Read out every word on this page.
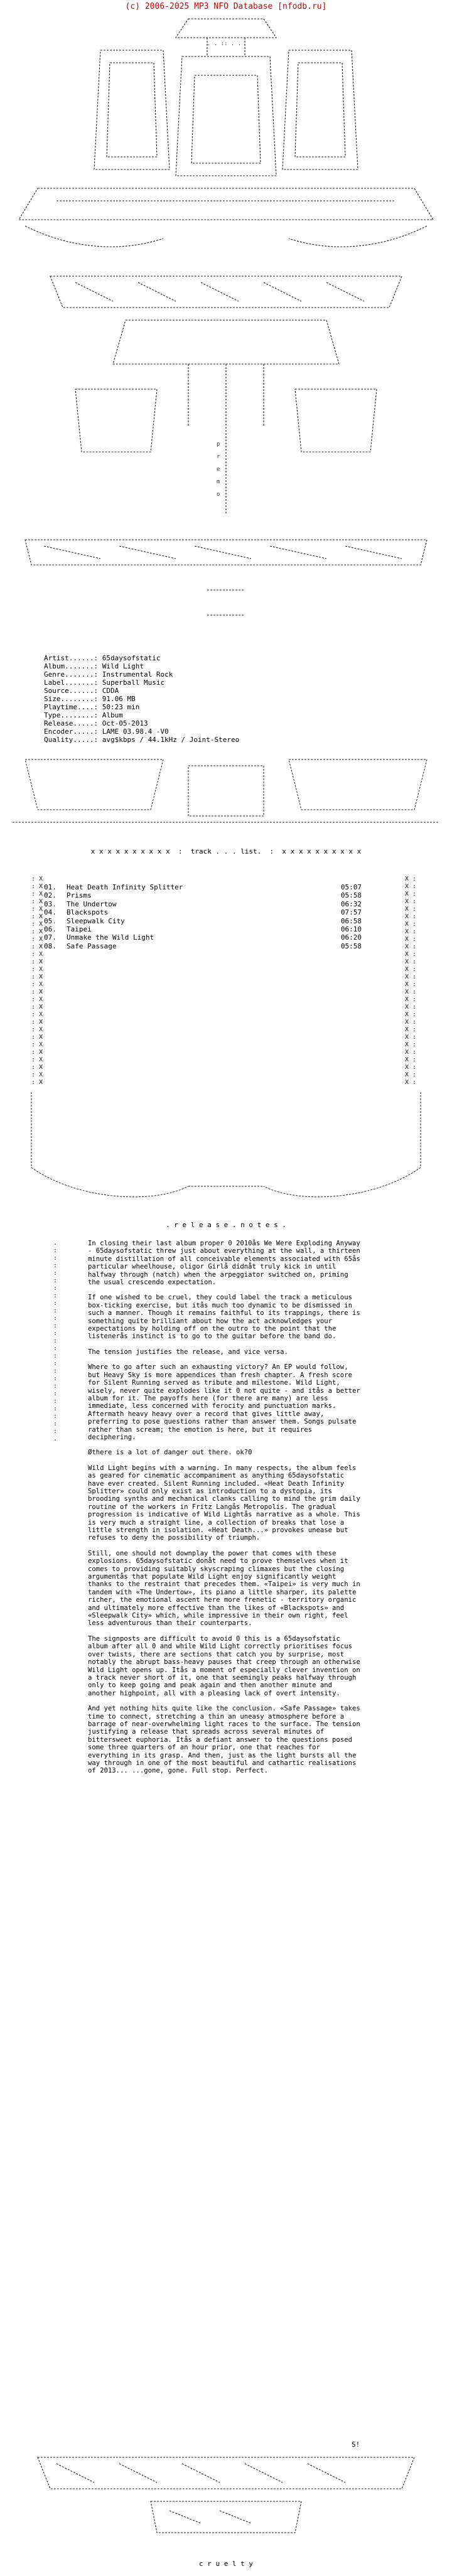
(c) 2006-2025 MP3 NFO Database [nfodb.ru]
. . :: . .
p
r
e
m
o
Artist......: 65daysofstatic
Album.......: Wild Light
Genre.......: Instrumental Rock
Label.......: Superball Music
Source......: CDDA
Size........: 91.06 MB
Playtime....: 50:23 min
Type........: Album
Release.....: Oct-05-2013
Encoder.....: LAME 03.98.4 -V0
Quality.....: avg$kbps / 44.1kHz / Joint-Stereo
x x x x x x x x x x  :  track . . . list.  :  x x x x x x x x x x
: X
: X
: X
: X
: X
: X
: X
: X
: X
: X
: X
: X
: X
: X
: X
: X
: X
: X
: X
: X
: X
: X
: X
: X
: X
: X
: X
: X
X :
X :
X :
X :
X :
X :
X :
X :
X :
X :
X :
X :
X :
X :
X :
X :
X :
X :
X :
X :
X :
X :
X :
X :
X :
X :
X :
X :
01. Heat Death Infinity Splitter	05:07
02. Prisms	05:58
03. The Undertow	06:32
04. Blackspots	07:57
05. Sleepwalk City	06:58
06. Taipei	06:10
07. Unmake the Wild Light	06:20
08. Safe Passage	05:58
. r e l e a s e . n o t e s .
.
:
:
:
:
:
:
:
:
:
:
:
:
:
:
:
:
:
:
:
:
:
:
:
:
:
.

In closing their last album proper 0 2010ås We Were Exploding Anyway - 65daysofstatic threw just about everything at the wall, a thirteen minute distillation of all conceivable elements associated with 65ås particular wheelhouse, oligor Girlå didnåt truly kick in until halfway through (natch) when the arpeggiator switched on, priming the usual crescendo expectation.

If one wished to be cruel, they could label the track a meticulous box-ticking exercise, but itås much too dynamic to be dismissed in such a manner. Though it remains faithful to its trappings, there is something quite brilliant about how the act acknowledges your expectations by holding off on the outro to the point that the listenerås instinct is to go to the guitar before the band do.

The tension justifies the release, and vice versa.

Where to go after such an exhausting victory? An EP would follow, but Heavy Sky is more appendices than fresh chapter. A fresh score for Silent Running served as tribute and milestone. Wild Light, wisely, never quite explodes like it 0 not quite - and itås a better album for it. The payoffs here (for there are many) are less immediate, less concerned with ferocity and punctuation marks. Aftermath heavy heavy over a record that gives little away, preferring to pose questions rather than answer them. Songs pulsate rather than scream; the emotion is here, but it requires deciphering.

Øthere is a lot of danger out there. ok?0

Wild Light begins with a warning. In many respects, the album feels as geared for cinematic accompaniment as anything 65daysofstatic have ever created. Silent Running included. «Heat Death Infinity Splitter» could only exist as introduction to a dystopia, its brooding synths and mechanical clanks calling to mind the grim daily routine of the workers in Fritz Langås Metropolis. The gradual progression is indicative of Wild Lightås narrative as a whole. This is very much a straight line, a collection of breaks that lose a little strength in isolation. «Heat Death...» provokes unease but refuses to deny the possibility of triumph.

Still, one should not downplay the power that comes with these explosions. 65daysofstatic donåt need to prove themselves when it comes to providing suitably skyscraping climaxes but the closing argumentås that populate Wild Light enjoy significantly weight thanks to the restraint that precedes them. «Taipei» is very much in tandem with «The Undertow», its piano a little sharper, its palette richer, the emotional ascent here more frenetic - territory organic and ultimately more effective than the likes of «Blackspots» and «Sleepwalk City» which, while impressive in their own right, feel less adventurous than their counterparts.

The signposts are difficult to avoid 0 this is a 65daysofstatic album after all 0 and while Wild Light correctly prioritises focus over twists, there are sections that catch you by surprise, most notably the abrupt bass-heavy pauses that creep through an otherwise Wild Light opens up. Itås a moment of especially clever invention on a track never short of it, one that seemingly peaks halfway through only to keep going and peak again and then another minute and another highpoint, all with a pleasing lack of overt intensity.

And yet nothing hits quite like the conclusion. «Safe Passage» takes time to connect, stretching a thin an uneasy atmosphere before a barrage of near-overwhelming light races to the surface. The tension justifying a release that spreads across several minutes of bittersweet euphoria. Itås a defiant answer to the questions posed some three quarters of an hour prior, one that reaches for everything in its grasp. And then, just as the light bursts all the way through in one of the most beautiful and cathartic realisations of 2013... ...gone, gone. Full stop. Perfect.

S!
c r u e l t y
